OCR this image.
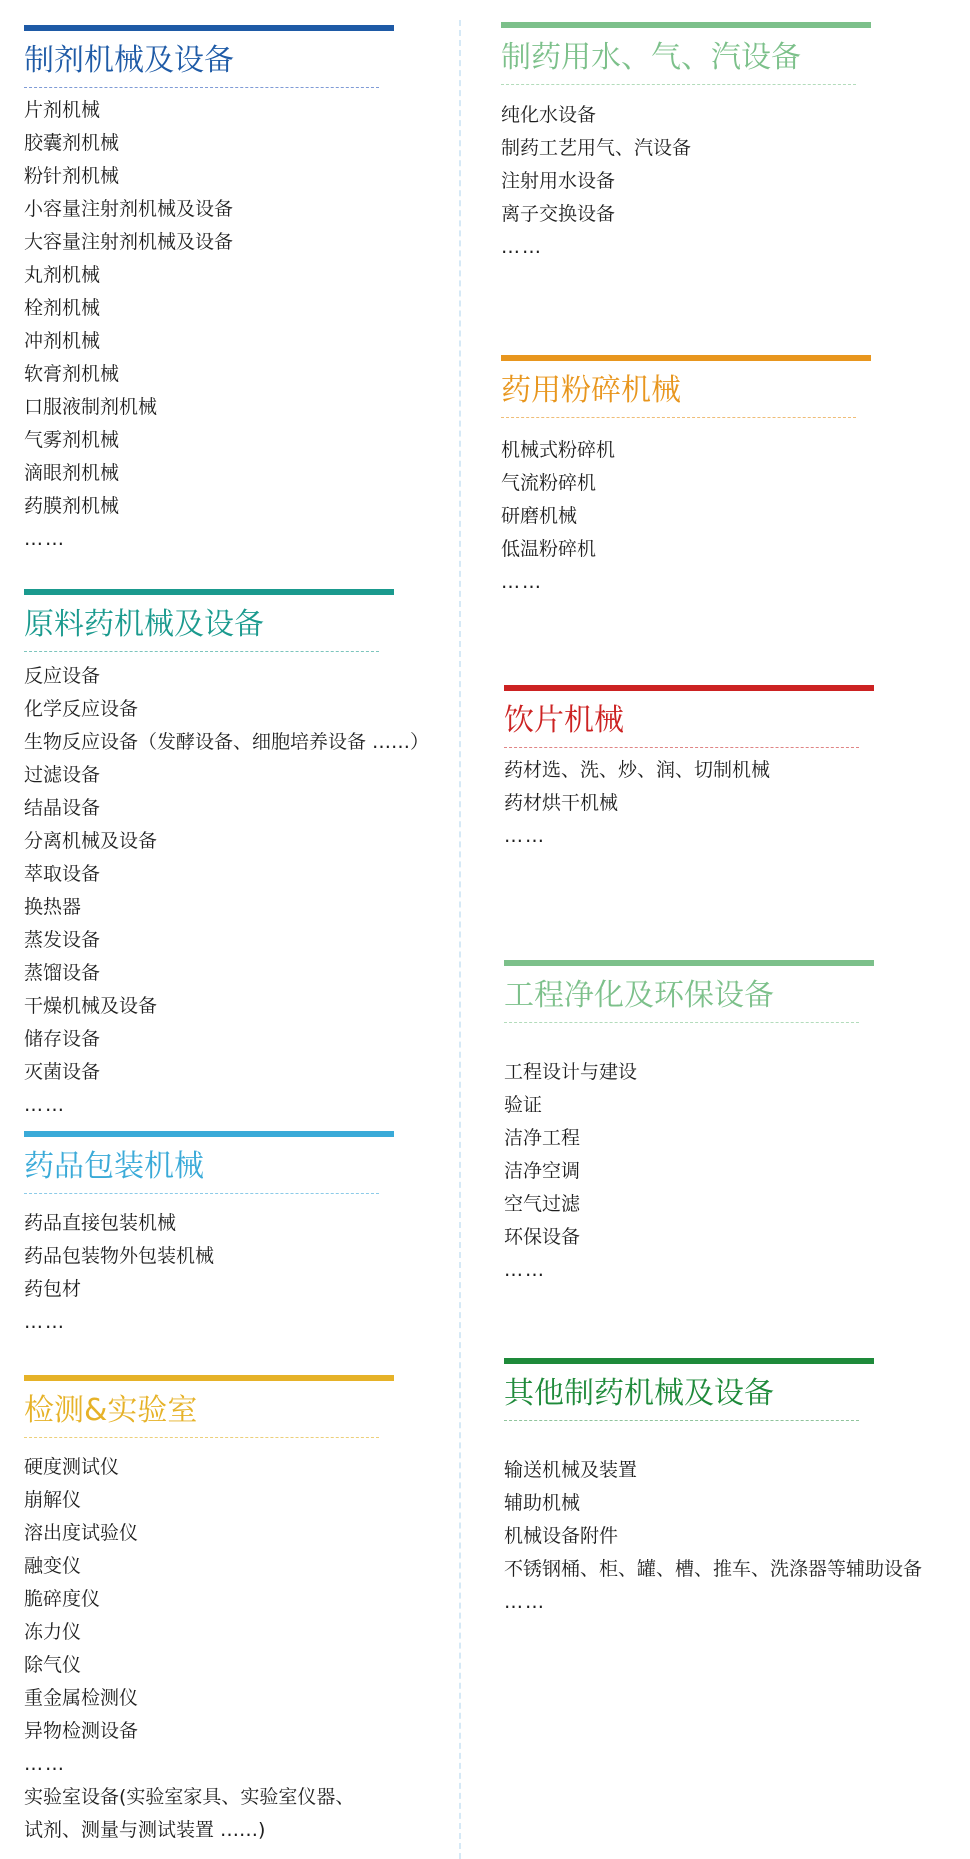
制剂机械及设备
片剂机械
胶囊剂机械
粉针剂机械
小容量注射剂机械及设备
大容量注射剂机械及设备
丸剂机械
栓剂机械
冲剂机械
软膏剂机械
口服液制剂机械
气雾剂机械
滴眼剂机械
药膜剂机械
……
原料药机械及设备
反应设备
化学反应设备
生物反应设备（发酵设备、细胞培养设备 ……）
过滤设备
结晶设备
分离机械及设备
萃取设备
换热器
蒸发设备
蒸馏设备
干燥机械及设备
储存设备
灭菌设备
……
药品包装机械
药品直接包装机械
药品包装物外包装机械
药包材
……
检测&实验室
硬度测试仪
崩解仪
溶出度试验仪
融变仪
脆碎度仪
冻力仪
除气仪
重金属检测仪
异物检测设备
……
实验室设备(实验室家具、实验室仪器、
试剂、测量与测试装置 ……)
制药用水、气、汽设备
纯化水设备
制药工艺用气、汽设备
注射用水设备
离子交换设备
……
药用粉碎机械
机械式粉碎机
气流粉碎机
研磨机械
低温粉碎机
……
饮片机械
药材选、洗、炒、润、切制机械
药材烘干机械
……
工程净化及环保设备
工程设计与建设
验证
洁净工程
洁净空调
空气过滤
环保设备
……
其他制药机械及设备
输送机械及装置
辅助机械
机械设备附件
不锈钢桶、柜、罐、槽、推车、洗涤器等辅助设备
……
